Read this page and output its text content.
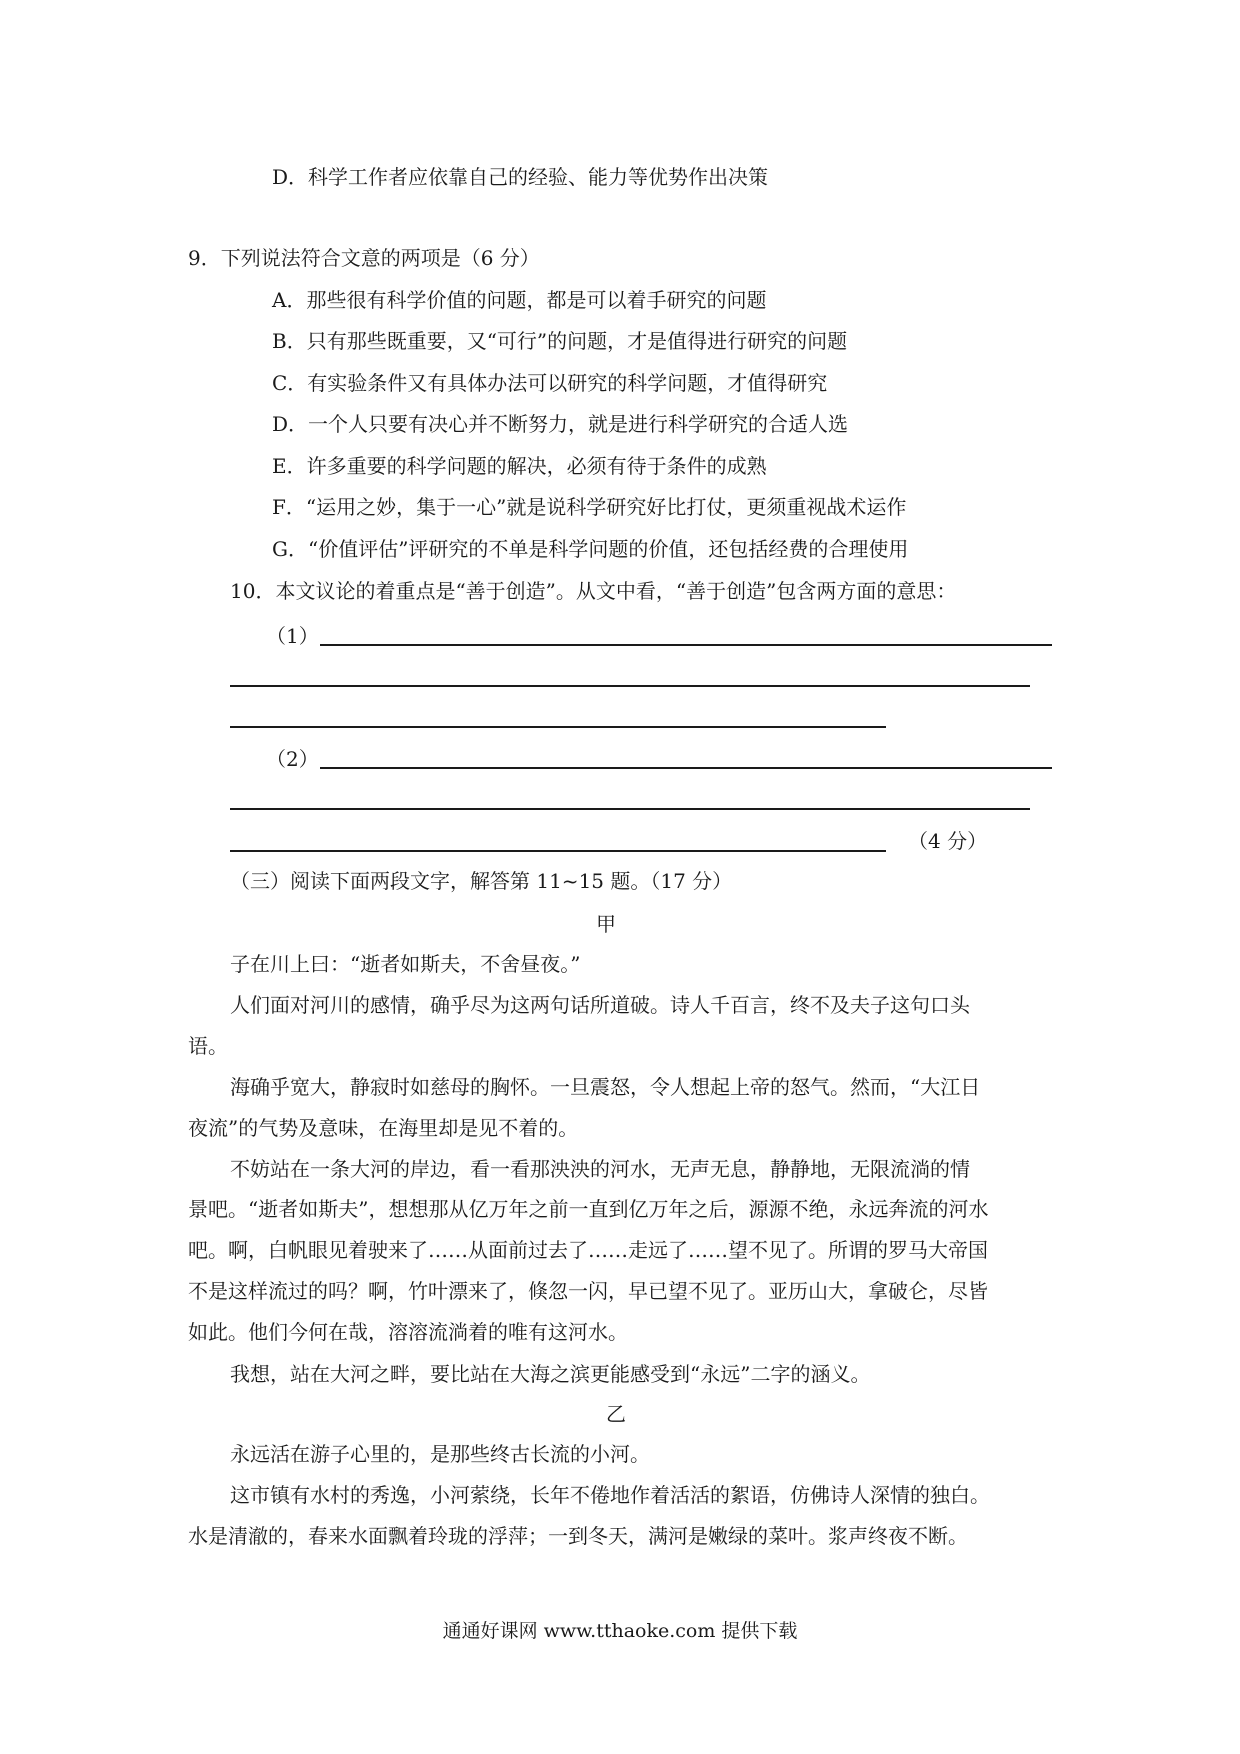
D．科学工作者应依靠自己的经验、能力等优势作出决策
9．下列说法符合文意的两项是（6 分）
A．那些很有科学价值的问题，都是可以着手研究的问题
B．只有那些既重要，又“可行”的问题，才是值得进行研究的问题
C．有实验条件又有具体办法可以研究的科学问题，才值得研究
D．一个人只要有决心并不断努力，就是进行科学研究的合适人选
E．许多重要的科学问题的解决，必须有待于条件的成熟
F．“运用之妙，集于一心”就是说科学研究好比打仗，更须重视战术运作
G．“价值评估”评研究的不单是科学问题的价值，还包括经费的合理使用
10．本文议论的着重点是“善于创造”。从文中看，“善于创造”包含两方面的意思：
（1）
（2）
（4 分）
（三）阅读下面两段文字，解答第 11~15 题。（17 分）
甲
子在川上曰：“逝者如斯夫，不舍昼夜。”
人们面对河川的感情，确乎尽为这两句话所道破。诗人千百言，终不及夫子这句口头
语。
海确乎宽大，静寂时如慈母的胸怀。一旦震怒，令人想起上帝的怒气。然而，“大江日
夜流”的气势及意味，在海里却是见不着的。
不妨站在一条大河的岸边，看一看那泱泱的河水，无声无息，静静地，无限流淌的情
景吧。“逝者如斯夫”，想想那从亿万年之前一直到亿万年之后，源源不绝，永远奔流的河水
吧。啊，白帆眼见着驶来了……从面前过去了……走远了……望不见了。所谓的罗马大帝国
不是这样流过的吗？啊，竹叶漂来了，倏忽一闪，早已望不见了。亚历山大，拿破仑，尽皆
如此。他们今何在哉，溶溶流淌着的唯有这河水。
我想，站在大河之畔，要比站在大海之滨更能感受到“永远”二字的涵义。
乙
永远活在游子心里的，是那些终古长流的小河。
这市镇有水村的秀逸，小河萦绕，长年不倦地作着活活的絮语，仿佛诗人深情的独白。
水是清澈的，春来水面飘着玲珑的浮萍；一到冬天，满河是嫩绿的菜叶。浆声终夜不断。
通通好课网 www.tthaoke.com 提供下载
